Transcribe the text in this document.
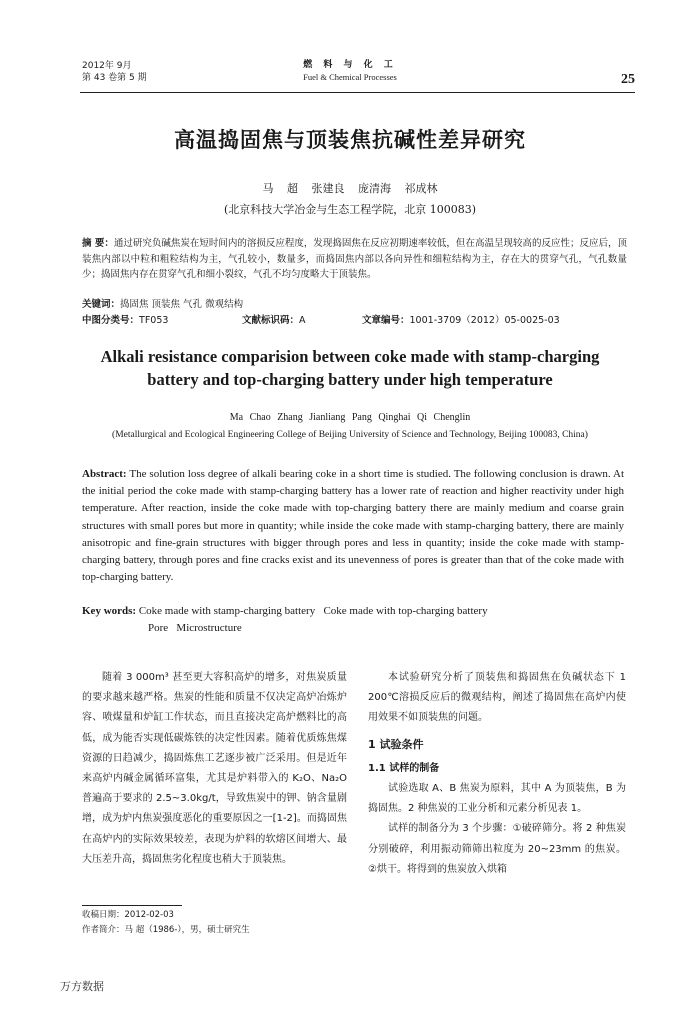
2012年 9月
第 43 卷第 5 期
燃 料 与 化 工
Fuel & Chemical Processes	25
高温捣固焦与顶装焦抗碱性差异研究
马 超 张建良 庞清海 祁成林
(北京科技大学冶金与生态工程学院，北京 100083)
摘 要：通过研究负碱焦炭在短时间内的溶损反应程度，发现捣固焦在反应初期速率较低，但在高温呈现较高的反应性；反应后，顶装焦内部以中粒和粗粒结构为主，气孔较小，数量多，而捣固焦内部以各向异性和细粒结构为主，存在大的贯穿气孔，气孔数量少；捣固焦内存在贯穿气孔和细小裂纹，气孔不均匀度略大于顶装焦。
关键词：捣固焦 顶装焦 气孔 微观结构
中图分类号：TF053	文献标识码：A	文章编号：1001-3709（2012）05-0025-03
Alkali resistance comparision between coke made with stamp-charging
battery and top-charging battery under high temperature
Ma Chao Zhang Jianliang Pang Qinghai Qi Chenglin
(Metallurgical and Ecological Engineering College of Beijing University of Science and Technology, Beijing 100083, China)
Abstract: The solution loss degree of alkali bearing coke in a short time is studied. The following conclusion is drawn. At the initial period the coke made with stamp-charging battery has a lower rate of reaction and higher reactivity under high temperature. After reaction, inside the coke made with top-charging battery there are mainly medium and coarse grain structures with small pores but more in quantity; while inside the coke made with stamp-charging battery, there are mainly anisotropic and fine-grain structures with bigger through pores and less in quantity; inside the coke made with stamp-charging battery, through pores and fine cracks exist and its unevenness of pores is greater than that of the coke made with top-charging battery.
Key words: Coke made with stamp-charging battery   Coke made with top-charging battery
Pore   Microstructure

随着 3 000m³ 甚至更大容积高炉的增多，对焦炭质量的要求越来越严格。焦炭的性能和质量不仅决定高炉冶炼炉容、喷煤量和炉缸工作状态，而且直接决定高炉燃料比的高低，成为能否实现低碳炼铁的决定性因素。随着优质炼焦煤资源的日趋减少，捣固炼焦工艺逐步被广泛采用。但是近年来高炉内碱金属循环富集，尤其是炉料带入的 K₂O、Na₂O 普遍高于要求的 2.5~3.0kg/t，导致焦炭中的钾、钠含量剧增，成为炉内焦炭强度恶化的重要原因之一[1-2]。而捣固焦在高炉内的实际效果较差，表现为炉料的软熔区间增大、最大压差升高，捣固焦劣化程度也稍大于顶装焦。

本试验研究分析了顶装焦和捣固焦在负碱状态下 1 200℃溶损反应后的微观结构，阐述了捣固焦在高炉内使用效果不如顶装焦的问题。

1 试验条件
1.1 试样的制备

试验选取 A、B 焦炭为原料，其中 A 为顶装焦，B 为捣固焦。2 种焦炭的工业分析和元素分析见表 1。

试样的制备分为 3 个步骤：①破碎筛分。将 2 种焦炭分别破碎，利用振动筛筛出粒度为 20~23mm 的焦炭。②烘干。将得到的焦炭放入烘箱

收稿日期：2012-02-03
作者简介：马 超（1986-），男，硕士研究生
万方数据
